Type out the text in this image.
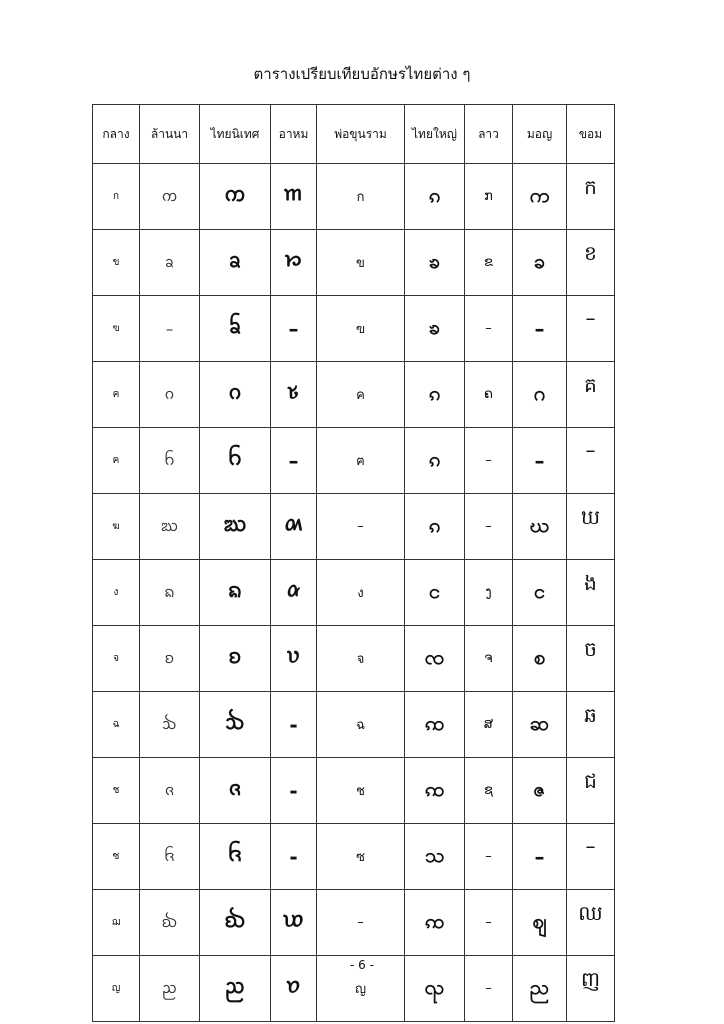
ตารางเปรียบเทียบอักษรไทยต่าง ๆ
กลาง	ล้านนา	ไทยนิเทศ	อาหม	พ่อขุนราม	ไทยใหญ่	ลาว	มอญ	ขอม
ก	ᨠ	ᨠ	𑜀	ก	ၵ	ກ	က	ក
ข	ᨡ	ᨡ	𑜁	ข	ၶ	ຂ	ခ	ខ
ฃ	–	ᨢ	–	ฃ	ၶ	–	–	–
ค	ᨣ	ᨣ	𑜂	ค	ၵ	ຄ	ဂ	គ
ฅ	ᨤ	ᨤ	–	ฅ	ၵ	–	–	–
ฆ	ᨥ	ᨥ	𑜄	–	ၵ	–	ဃ	ឃ
ง	ᨦ	ᨦ	𑜅	ง	င	ງ	င	ង
จ	ᨧ	ᨧ	𑜆	จ	ၸ	ຈ	စ	ច
ฉ	ᨨ	ᨨ	-	ฉ	ꩡ	ສ	ဆ	ឆ
ช	ᨩ	ᨩ	-	ช	ꩡ	ຊ	ဇ	ជ
ซ	ᨪ	ᨪ	-	ซ	သ	–	–	–
ฌ	ᨫ	ᨫ	𑜇	–	ꩡ	–	ဈ	ឈ
ญ	ᨬ	ᨬ	𑜈	ญ	ၺ	–	ည	ញ
- 6 -
